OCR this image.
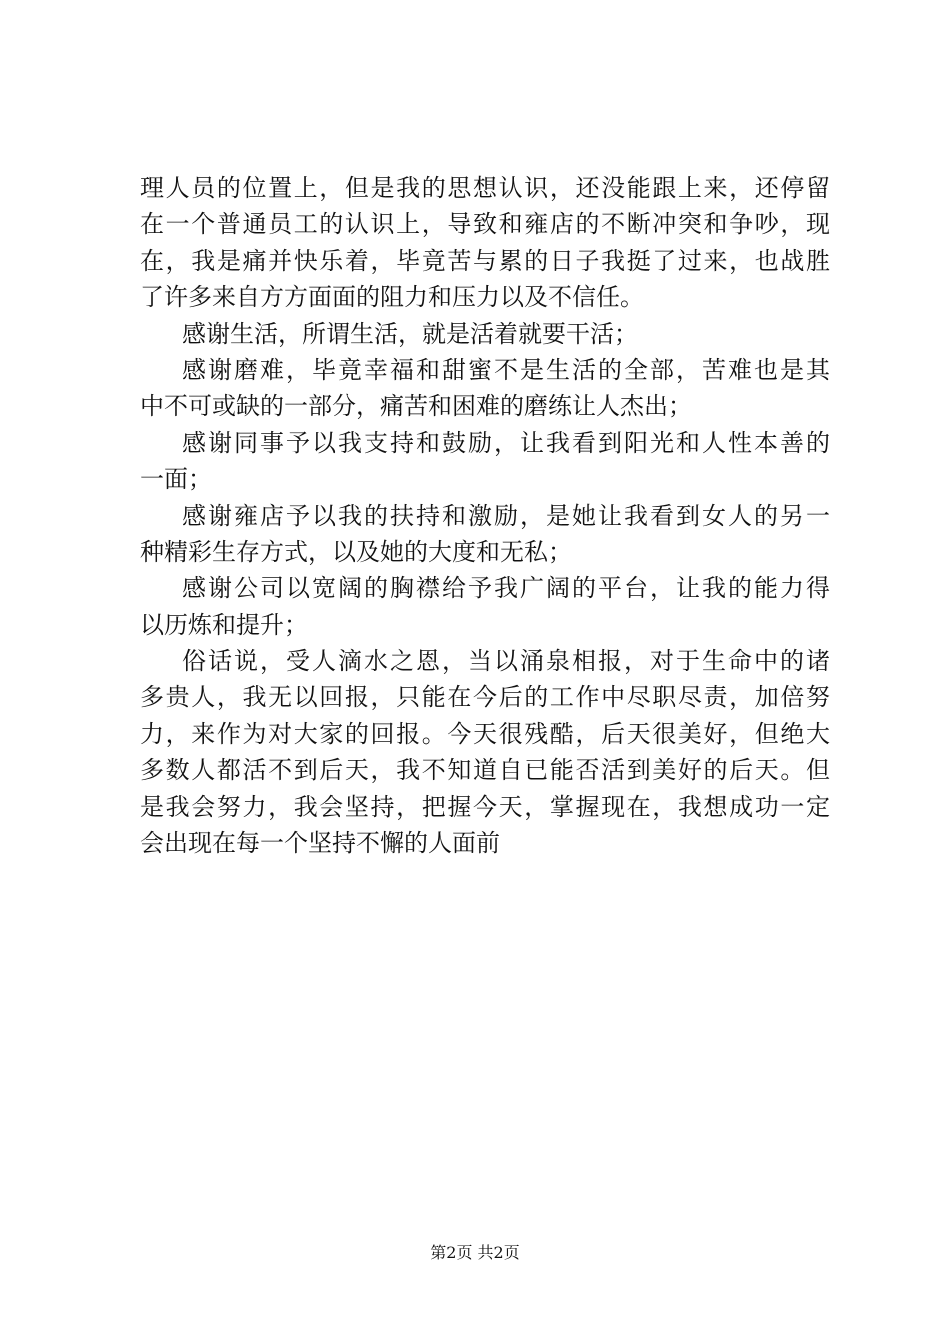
理人员的位置上，但是我的思想认识，还没能跟上来，还停留
在一个普通员工的认识上，导致和雍店的不断冲突和争吵，现
在，我是痛并快乐着，毕竟苦与累的日子我挺了过来，也战胜
了许多来自方方面面的阻力和压力以及不信任。
感谢生活，所谓生活，就是活着就要干活；
感谢磨难，毕竟幸福和甜蜜不是生活的全部，苦难也是其
中不可或缺的一部分，痛苦和困难的磨练让人杰出；
感谢同事予以我支持和鼓励，让我看到阳光和人性本善的
一面；
感谢雍店予以我的扶持和激励，是她让我看到女人的另一
种精彩生存方式，以及她的大度和无私；
感谢公司以宽阔的胸襟给予我广阔的平台，让我的能力得
以历炼和提升；
俗话说，受人滴水之恩，当以涌泉相报，对于生命中的诸
多贵人，我无以回报，只能在今后的工作中尽职尽责，加倍努
力，来作为对大家的回报。今天很残酷，后天很美好，但绝大
多数人都活不到后天，我不知道自已能否活到美好的后天。但
是我会努力，我会坚持，把握今天，掌握现在，我想成功一定
会出现在每一个坚持不懈的人面前
第2页 共2页
